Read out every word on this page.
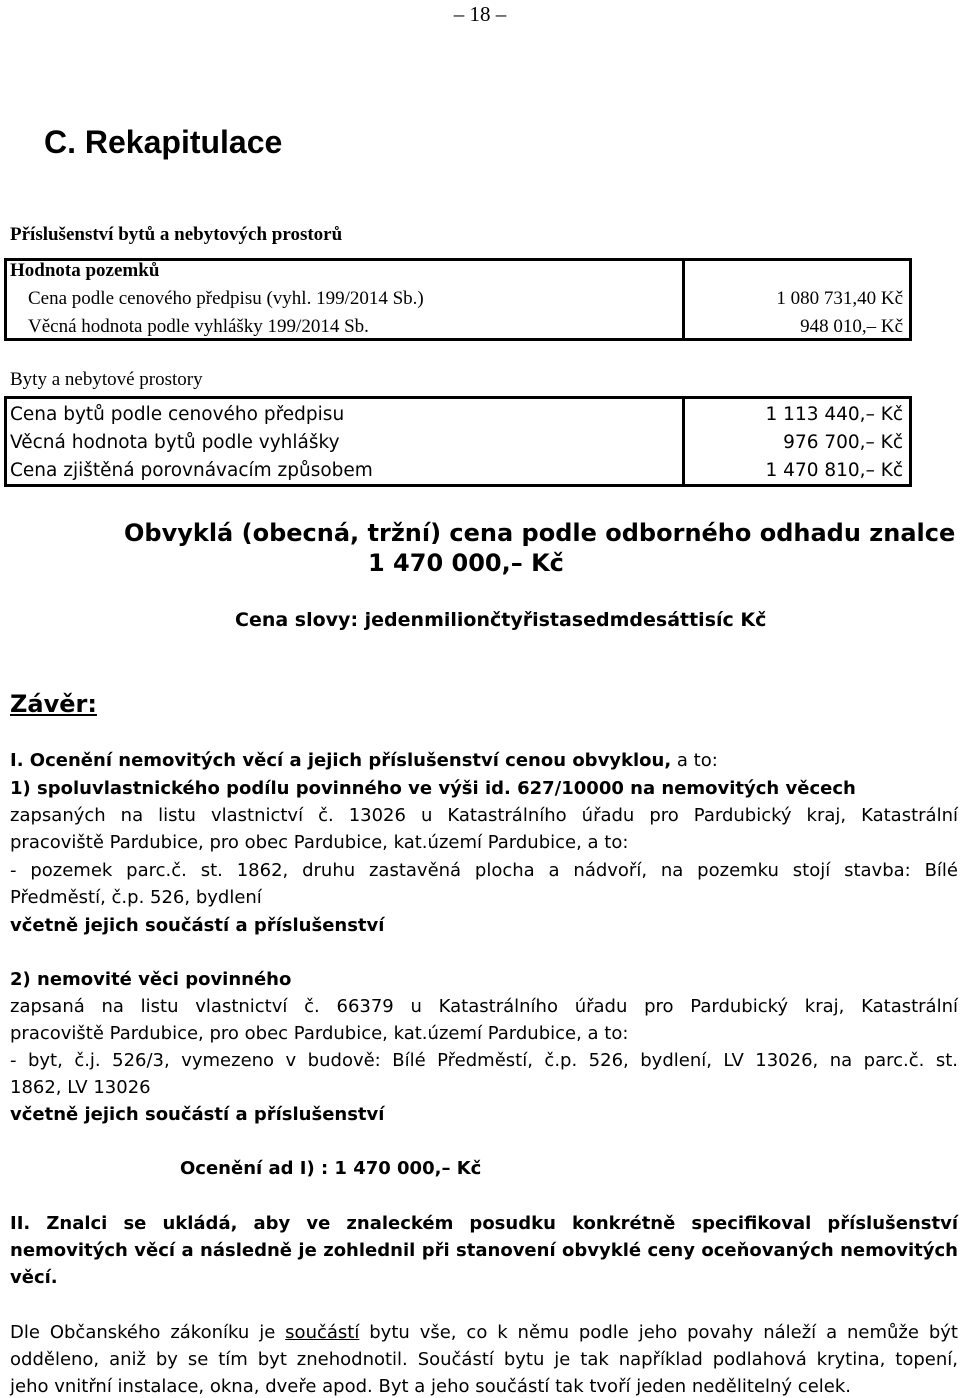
– 18 –
C. Rekapitulace
Příslušenství bytů a nebytových prostorů
Hodnota pozemků
Cena podle cenového předpisu (vyhl. 199/2014 Sb.)
Věcná hodnota podle vyhlášky 199/2014 Sb.
1 080 731,40 Kč
948 010,– Kč
Byty a nebytové prostory
Cena bytů podle cenového předpisu
Věcná hodnota bytů podle vyhlášky
Cena zjištěná porovnávacím způsobem
1 113 440,– Kč
976 700,– Kč
1 470 810,– Kč
Obvyklá (obecná, tržní) cena podle odborného odhadu znalce
1 470 000,– Kč
Cena slovy: jedenmiliončtyřistasedmdesáttisíc Kč
Závěr:
I. Ocenění nemovitých věcí a jejich příslušenství cenou obvyklou, a to:
1) spoluvlastnického podílu povinného ve výši id. 627/10000 na nemovitých věcech
zapsaných na listu vlastnictví č. 13026 u Katastrálního úřadu pro Pardubický kraj, Katastrální
pracoviště Pardubice, pro obec Pardubice, kat.území Pardubice, a to:
- pozemek parc.č. st. 1862, druhu zastavěná plocha a nádvoří, na pozemku stojí stavba: Bílé
Předměstí, č.p. 526, bydlení
včetně jejich součástí a příslušenství
2) nemovité věci povinného
zapsaná na listu vlastnictví č. 66379 u Katastrálního úřadu pro Pardubický kraj, Katastrální
pracoviště Pardubice, pro obec Pardubice, kat.území Pardubice, a to:
- byt, č.j. 526/3, vymezeno v budově: Bílé Předměstí, č.p. 526, bydlení, LV 13026, na parc.č. st.
1862, LV 13026
včetně jejich součástí a příslušenství
Ocenění ad I) : 1 470 000,– Kč
II. Znalci se ukládá, aby ve znaleckém posudku konkrétně specifikoval příslušenství
nemovitých věcí a následně je zohlednil při stanovení obvyklé ceny oceňovaných nemovitých
věcí.
Dle Občanského zákoníku je součástí bytu vše, co k němu podle jeho povahy náleží a nemůže být
odděleno, aniž by se tím byt znehodnotil. Součástí bytu je tak například podlahová krytina, topení,
jeho vnitřní instalace, okna, dveře apod. Byt a jeho součástí tak tvoří jeden nedělitelný celek.
